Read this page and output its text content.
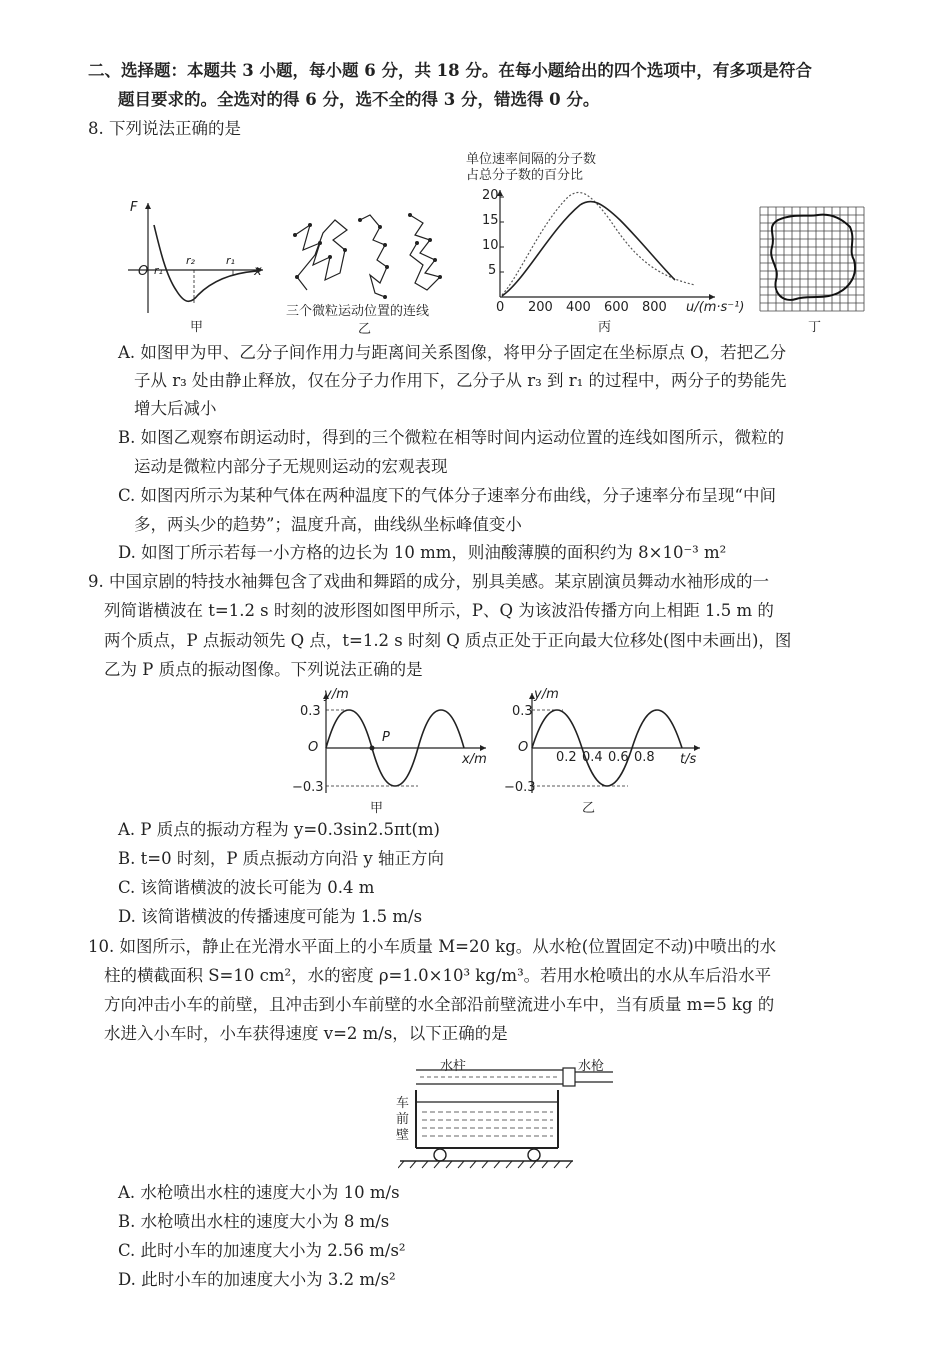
二、选择题：本题共 3 小题，每小题 6 分，共 18 分。在每小题给出的四个选项中，有多项是符合
题目要求的。全选对的得 6 分，选不全的得 3 分，错选得 0 分。
8. 下列说法正确的是
F
O r₁
r₂	r₁
x
甲
三个微粒运动位置的连线
乙
单位速率间隔的分子数
占总分子数的百分比
20
15
10
5
0 200 400 600 800 u/(m·s⁻¹)
丙	丁
A. 如图甲为甲、乙分子间作用力与距离间关系图像，将甲分子固定在坐标原点 O，若把乙分
子从 r₃ 处由静止释放，仅在分子力作用下，乙分子从 r₃ 到 r₁ 的过程中，两分子的势能先
增大后减小
B. 如图乙观察布朗运动时，得到的三个微粒在相等时间内运动位置的连线如图所示，微粒的
运动是微粒内部分子无规则运动的宏观表现
C. 如图丙所示为某种气体在两种温度下的气体分子速率分布曲线，分子速率分布呈现“中间
多，两头少的趋势”；温度升高，曲线纵坐标峰值变小
D. 如图丁所示若每一小方格的边长为 10 mm，则油酸薄膜的面积约为 8×10⁻³ m²
9. 中国京剧的特技水袖舞包含了戏曲和舞蹈的成分，别具美感。某京剧演员舞动水袖形成的一
列简谐横波在 t=1.2 s 时刻的波形图如图甲所示，P、Q 为该波沿传播方向上相距 1.5 m 的
两个质点，P 点振动领先 Q 点，t=1.2 s 时刻 Q 质点正处于正向最大位移处(图中未画出)，图
乙为 P 质点的振动图像。下列说法正确的是
y/m
0.3
O
P
x/m
−0.3
甲
y/m
0.3
O
0.2 0.4 0.6 0.8 t/s
−0.3
乙
A. P 质点的振动方程为 y=0.3sin2.5πt(m)
B. t=0 时刻，P 质点振动方向沿 y 轴正方向
C. 该简谐横波的波长可能为 0.4 m
D. 该简谐横波的传播速度可能为 1.5 m/s
10. 如图所示，静止在光滑水平面上的小车质量 M=20 kg。从水枪(位置固定不动)中喷出的水
柱的横截面积 S=10 cm²，水的密度 ρ=1.0×10³ kg/m³。若用水枪喷出的水从车后沿水平
方向冲击小车的前壁，且冲击到小车前壁的水全部沿前壁流进小车中，当有质量 m=5 kg 的
水进入小车时，小车获得速度 v=2 m/s，以下正确的是
水柱	水枪
车
前
壁
A. 水枪喷出水柱的速度大小为 10 m/s
B. 水枪喷出水柱的速度大小为 8 m/s
C. 此时小车的加速度大小为 2.56 m/s²
D. 此时小车的加速度大小为 3.2 m/s²
